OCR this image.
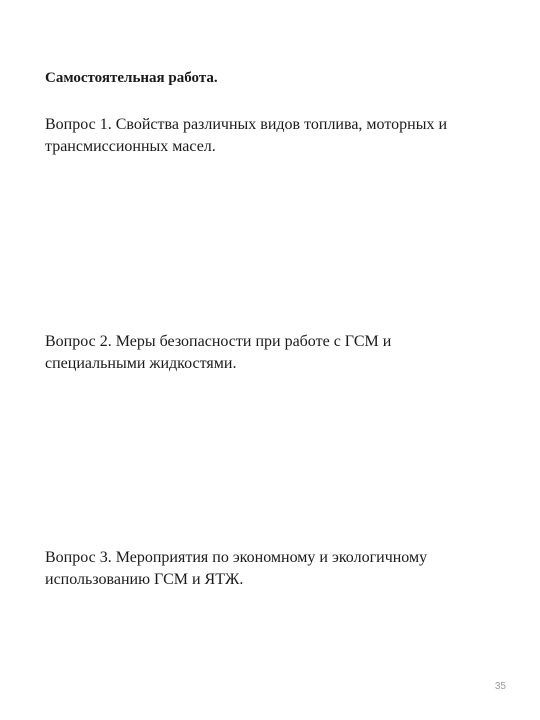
Самостоятельная работа.

Вопрос 1. Свойства различных видов топлива, моторных и
трансмиссионных масел.
Вопрос 2. Меры безопасности при работе с ГСМ и
специальными жидкостями.
Вопрос 3. Мероприятия по экономному и экологичному
использованию ГСМ и ЯТЖ.
35
